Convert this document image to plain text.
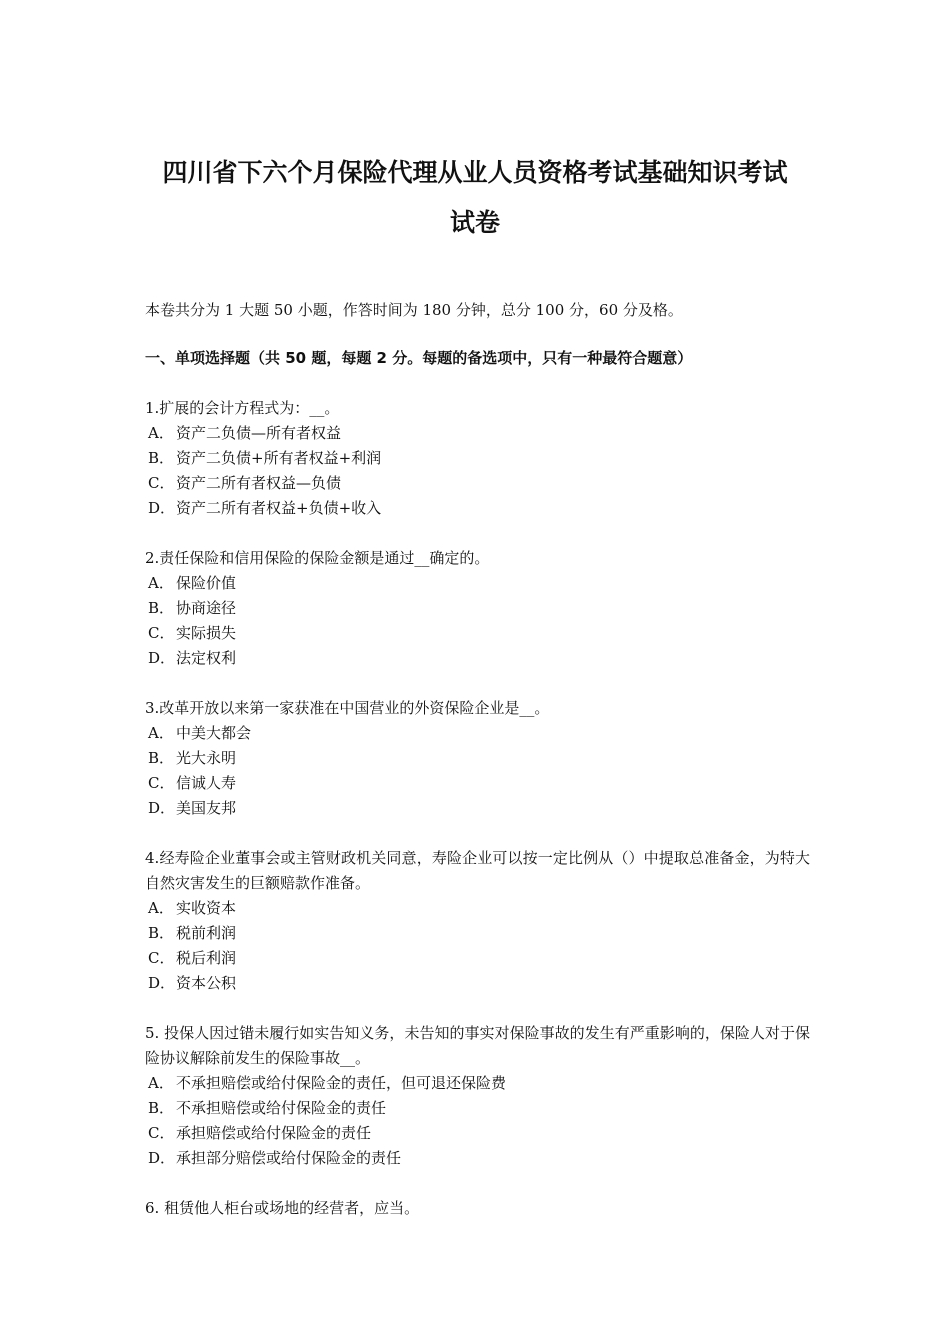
四川省下六个月保险代理从业人员资格考试基础知识考试
试卷
本卷共分为 1 大题 50 小题，作答时间为 180 分钟，总分 100 分，60 分及格。
一、单项选择题（共 50 题，每题 2 分。每题的备选项中，只有一种最符合题意）
1.扩展的会计方程式为：__。
A． 资产二负债—所有者权益
B． 资产二负债+所有者权益+利润
C． 资产二所有者权益—负债
D．资产二所有者权益+负债+收入
2.责任保险和信用保险的保险金额是通过__确定的。
A． 保险价值
B． 协商途径
C． 实际损失
D．法定权利
3.改革开放以来第一家获准在中国营业的外资保险企业是__。
A． 中美大都会
B． 光大永明
C． 信诚人寿
D．美国友邦
4.经寿险企业董事会或主管财政机关同意，寿险企业可以按一定比例从（）中提取总准备金，为特大自然灾害发生的巨额赔款作准备。
A． 实收资本
B． 税前利润
C． 税后利润
D．资本公积
5. 投保人因过错未履行如实告知义务，未告知的事实对保险事故的发生有严重影响的，保险人对于保险协议解除前发生的保险事故__。
A． 不承担赔偿或给付保险金的责任，但可退还保险费
B． 不承担赔偿或给付保险金的责任
C． 承担赔偿或给付保险金的责任
D．承担部分赔偿或给付保险金的责任
6. 租赁他人柜台或场地的经营者，应当。
